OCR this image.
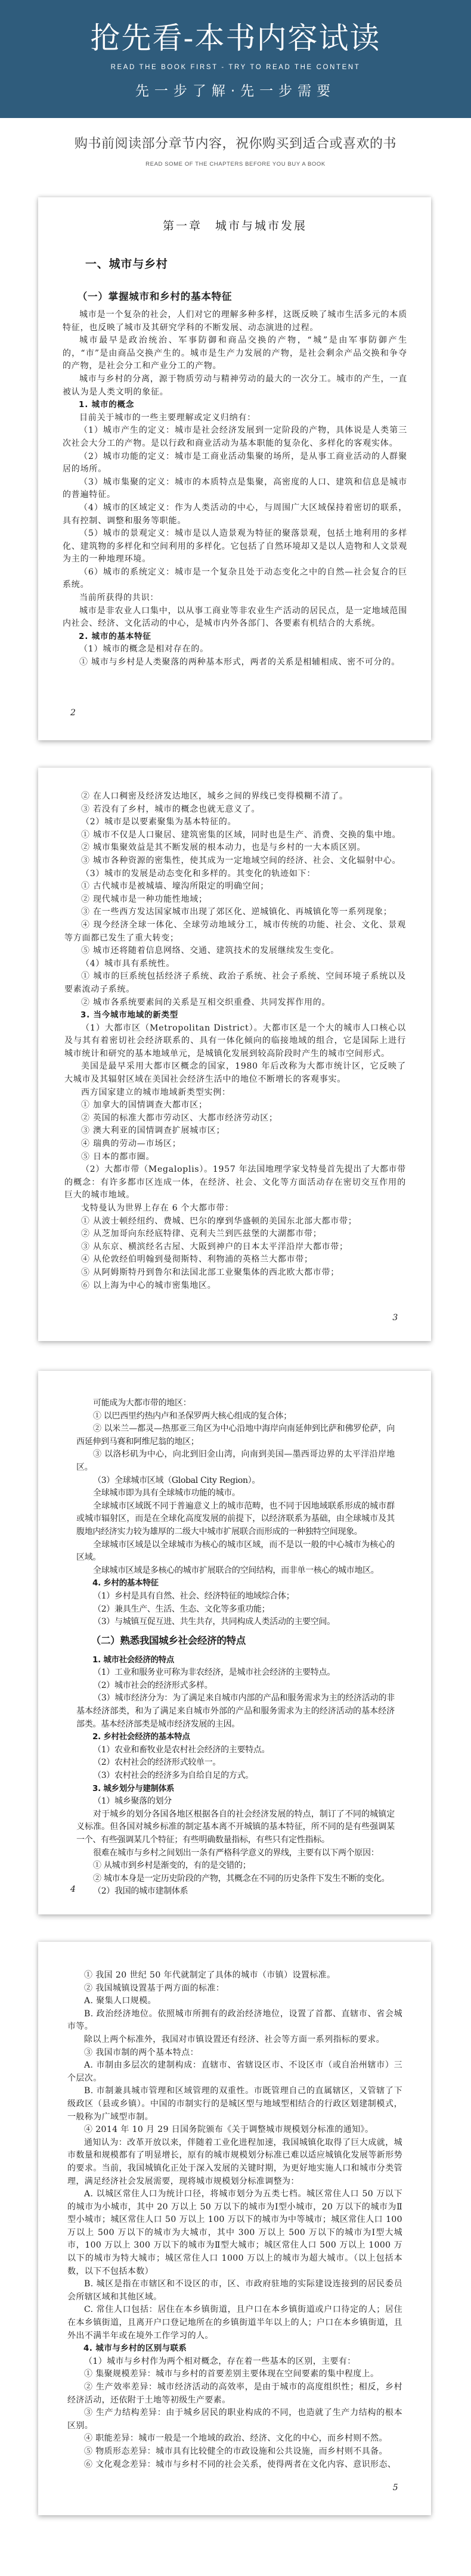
抢先看-本书内容试读
READ THE BOOK FIRST - TRY TO READ THE CONTENT
先一步了解·先一步需要
购书前阅读部分章节内容，祝你购买到适合或喜欢的书
READ SOME OF THE CHAPTERS BEFORE YOU BUY A BOOK
第一章　城市与城市发展
一、城市与乡村
（一）掌握城市和乡村的基本特征

城市是一个复杂的社会，人们对它的理解多种多样，这既反映了城市生活多元的本质特征，也反映了城市及其研究学科的不断发展、动态演进的过程。

城市最早是政治统治、军事防御和商品交换的产物，“城”是由军事防御产生的，“市”是由商品交换产生的。城市是生产力发展的产物，是社会剩余产品交换和争夺的产物，是社会分工和产业分工的产物。

城市与乡村的分离，源于物质劳动与精神劳动的最大的一次分工。城市的产生，一直被认为是人类文明的象征。

1. 城市的概念

目前关于城市的一些主要理解或定义归纳有：

（1）城市产生的定义：城市是社会经济发展到一定阶段的产物，具体说是人类第三次社会大分工的产物。是以行政和商业活动为基本职能的复杂化、多样化的客观实体。

（2）城市功能的定义：城市是工商业活动集聚的场所，是从事工商业活动的人群聚居的场所。

（3）城市集聚的定义：城市的本质特点是集聚，高密度的人口、建筑和信息是城市的普遍特征。

（4）城市的区域定义：作为人类活动的中心，与周围广大区域保持着密切的联系，具有控制、调整和服务等职能。

（5）城市的景观定义：城市是以人造景观为特征的聚落景观，包括土地利用的多样化、建筑物的多样化和空间利用的多样化。它包括了自然环境却又是以人造物和人文景观为主的一种地理环境。

（6）城市的系统定义：城市是一个复杂且处于动态变化之中的自然—社会复合的巨系统。

当前所获得的共识：

城市是非农业人口集中，以从事工商业等非农业生产活动的居民点，是一定地域范围内社会、经济、文化活动的中心，是城市内外各部门、各要素有机结合的大系统。

2. 城市的基本特征

（1）城市的概念是相对存在的。

① 城市与乡村是人类聚落的两种基本形式，两者的关系是相辅相成、密不可分的。

2

② 在人口稠密及经济发达地区，城乡之间的界线已变得模糊不清了。

③ 若没有了乡村，城市的概念也就无意义了。

（2）城市是以要素聚集为基本特征的。

① 城市不仅是人口聚居、建筑密集的区域，同时也是生产、消费、交换的集中地。

② 城市集聚效益是其不断发展的根本动力，也是与乡村的一大本质区别。

③ 城市各种资源的密集性，使其成为一定地域空间的经济、社会、文化辐射中心。

（3）城市的发展是动态变化和多样的。其变化的轨迹如下：

① 古代城市是被城墙、壕沟所限定的明确空间；

② 现代城市是一种功能性地域；

③ 在一些西方发达国家城市出现了郊区化、逆城镇化、再城镇化等一系列现象；

④ 现今经济全球一体化、全球劳动地域分工，城市传统的功能、社会、文化、景观等方面都已发生了重大转变；

⑤ 城市还将随着信息网络、交通、建筑技术的发展继续发生变化。

（4）城市具有系统性。

① 城市的巨系统包括经济子系统、政治子系统、社会子系统、空间环境子系统以及要素流动子系统。

② 城市各系统要素间的关系是互相交织重叠、共同发挥作用的。

3. 当今城市地域的新类型

（1）大都市区（Metropolitan District）。大都市区是一个大的城市人口核心以及与其有着密切社会经济联系的、具有一体化倾向的临接地域的组合，它是国际上进行城市统计和研究的基本地域单元，是城镇化发展到较高阶段时产生的城市空间形式。

美国是最早采用大都市区概念的国家，1980 年后改称为大都市统计区，它反映了大城市及其辐射区域在美国社会经济生活中的地位不断增长的客观事实。

西方国家建立的城市地域新类型实例：

① 加拿大的国情调查大都市区；

② 英国的标准大都市劳动区、大都市经济劳动区；

③ 澳大利亚的国情调查扩展城市区；

④ 瑞典的劳动—市场区；

⑤ 日本的都市圈。

（2）大都市带（Megaloplis）。1957 年法国地理学家戈特曼首先提出了大都市带的概念：有许多都市区连成一体，在经济、社会、文化等方面活动存在密切交互作用的巨大的城市地域。

戈特曼认为世界上存在 6 个大都市带：

① 从波士顿经纽约、费城、巴尔的摩到华盛顿的美国东北部大都市带；

② 从芝加哥向东经底特律、克利夫兰到匹兹堡的大湖都市带；

③ 从东京、横滨经名古屋、大阪到神户的日本太平洋沿岸大都市带；

④ 从伦敦经伯明翰到曼彻斯特、利物浦的英格兰大都市带；

⑤ 从阿姆斯特丹到鲁尔和法国北部工业聚集体的西北欧大都市带；

⑥ 以上海为中心的城市密集地区。

3

可能成为大都市带的地区：

① 以巴西里约热内卢和圣保罗两大核心组成的复合体；

② 以米兰—都灵—热那亚三角区为中心沿地中海岸向南延伸到比萨和佛罗伦萨，向西延伸到马赛和阿维尼翁的地区；

③ 以洛杉矶为中心，向北到旧金山湾，向南到美国—墨西哥边界的太平洋沿岸地区。

（3）全球城市区域（Global City Region）。

全球城市即为具有全球城市功能的城市。

全球城市区域既不同于普遍意义上的城市范畴，也不同于因地域联系形成的城市群或城市辐射区，而是在全球化高度发展的前提下，以经济联系为基础，由全球城市及其腹地内经济实力较为雄厚的二级大中城市扩展联合而形成的一种独特空间现象。

全球城市区域是以全球城市为核心的城市区域，而不是以一般的中心城市为核心的区域。

全球城市区域是多核心的城市扩展联合的空间结构，而非单一核心的城市地区。

4. 乡村的基本特征

（1）乡村是具有自然、社会、经济特征的地域综合体；

（2）兼具生产、生活、生态、文化等多重功能；

（3）与城镇互促互进、共生共存，共同构成人类活动的主要空间。

（二）熟悉我国城乡社会经济的特点
1. 城市社会经济的特点

（1）工业和服务业可称为非农经济，是城市社会经济的主要特点。

（2）城市社会的经济形式多样。

（3）城市经济分为：为了满足来自城市内部的产品和服务需求为主的经济活动的非基本经济部类，和为了满足来自城市外部的产品和服务需求为主的经济活动的基本经济部类。基本经济部类是城市经济发展的主因。

2. 乡村社会经济的基本特点

（1）农业和畜牧业是农村社会经济的主要特点。

（2）农村社会的经济形式较单一。

（3）农村社会的经济多为自给自足的方式。

3. 城乡划分与建制体系

（1）城乡聚落的划分

对于城乡的划分各国各地区根据各自的社会经济发展的特点，制订了不同的城镇定义标准。但各国对城乡标准的制定基本离不开城镇的基本特征，所不同的是有些强调某一个、有些强调某几个特征；有些明确数量指标，有些只有定性指标。

很难在城市与乡村之间划出一条有严格科学意义的界线，主要有以下两个原因：

① 从城市到乡村是渐变的，有的是交错的；

② 城市本身是一定历史阶段的产物，其概念在不同的历史条件下发生不断的变化。

（2）我国的城市建制体系

4

① 我国 20 世纪 50 年代就制定了具体的城市（市镇）设置标准。

② 我国城镇设置基于两方面的标准：

A. 聚集人口规模。

B. 政治经济地位。依照城市所拥有的政治经济地位，设置了首都、直辖市、省会城市等。

除以上两个标准外，我国对市镇设置还有经济、社会等方面一系列指标的要求。

③ 我国市制的两个基本特点：

A. 市制由多层次的建制构成：直辖市、省辖设区市、不设区市（或自治州辖市）三个层次。

B. 市制兼具城市管理和区域管理的双重性。市既管理自己的直属辖区，又管辖了下级政区（县或乡镇）。中国的市制实行的是城区型与地域型相结合的行政区划建制模式，一般称为广域型市制。

④ 2014 年 10 月 29 日国务院颁布《关于调整城市规模划分标准的通知》。

通知认为：改革开放以来，伴随着工业化进程加速，我国城镇化取得了巨大成就，城市数量和规模都有了明显增长，原有的城市规模划分标准已难以适应城镇化发展等新形势的要求。当前，我国城镇化正处于深入发展的关键时期，为更好地实施人口和城市分类管理，满足经济社会发展需要，现将城市规模划分标准调整为：

A. 以城区常住人口为统计口径，将城市划分为五类七档。城区常住人口 50 万以下的城市为小城市，其中 20 万以上 50 万以下的城市为Ⅰ型小城市，20 万以下的城市为Ⅱ型小城市；城区常住人口 50 万以上 100 万以下的城市为中等城市；城区常住人口 100 万以上 500 万以下的城市为大城市，其中 300 万以上 500 万以下的城市为Ⅰ型大城市，100 万以上 300 万以下的城市为Ⅱ型大城市；城区常住人口 500 万以上 1000 万以下的城市为特大城市；城区常住人口 1000 万以上的城市为超大城市。（以上包括本数，以下不包括本数）

B. 城区是指在市辖区和不设区的市，区、市政府驻地的实际建设连接到的居民委员会所辖区域和其他区域。

C. 常住人口包括：居住在本乡镇街道，且户口在本乡镇街道或户口待定的人；居住在本乡镇街道，且离开户口登记地所在的乡镇街道半年以上的人；户口在本乡镇街道，且外出不满半年或在境外工作学习的人。

4. 城市与乡村的区别与联系

（1）城市与乡村作为两个相对概念，存在着一些基本的区别，主要有：

① 集聚规模差异：城市与乡村的首要差别主要体现在空间要素的集中程度上。

② 生产效率差异：城市经济活动的高效率，是由于城市的高度组织性；相反，乡村经济活动，还依附于土地等初级生产要素。

③ 生产力结构差异：由于城乡居民的职业构成的不同，也造就了生产力结构的根本区别。

④ 职能差异：城市一般是一个地域的政治、经济、文化的中心，而乡村则不然。

⑤ 物质形态差异：城市具有比较健全的市政设施和公共设施，而乡村则不具备。

⑥ 文化观念差异：城市与乡村不同的社会关系，使得两者在文化内容、意识形态、

5
